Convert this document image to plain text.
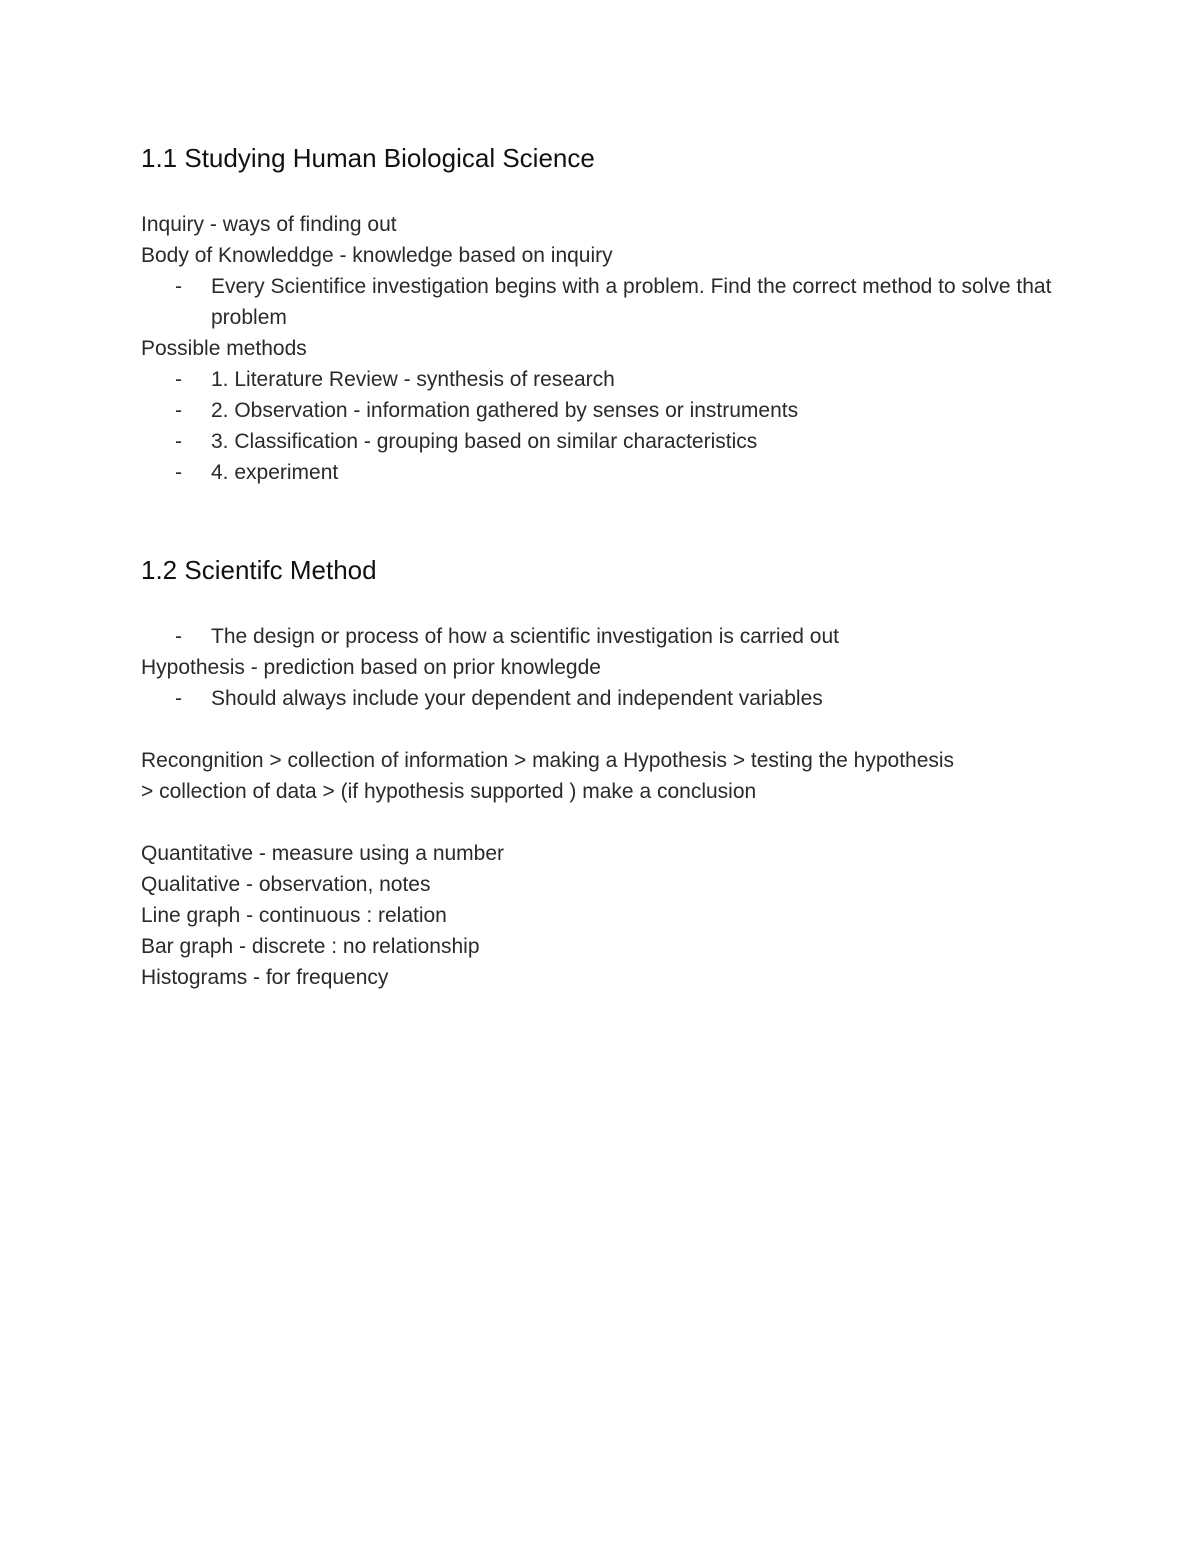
1.1 Studying Human Biological Science
Inquiry - ways of finding out
Body of Knowleddge - knowledge based on inquiry
-	Every Scientifice investigation begins with a problem. Find the correct method to solve that problem
Possible methods
-	1. Literature Review - synthesis of research
-	2. Observation - information gathered by senses or instruments
-	3. Classification - grouping based on similar characteristics
-	4. experiment
1.2 Scientifc Method
-	The design or process of how a scientific investigation is carried out
Hypothesis - prediction based on prior knowlegde
-	Should always include your dependent and independent variables
Recongnition > collection of information > making a Hypothesis > testing the hypothesis
> collection of data > (if hypothesis supported ) make a conclusion
Quantitative - measure using a number
Qualitative - observation, notes
Line graph - continuous : relation
Bar graph - discrete : no relationship
Histograms - for frequency
